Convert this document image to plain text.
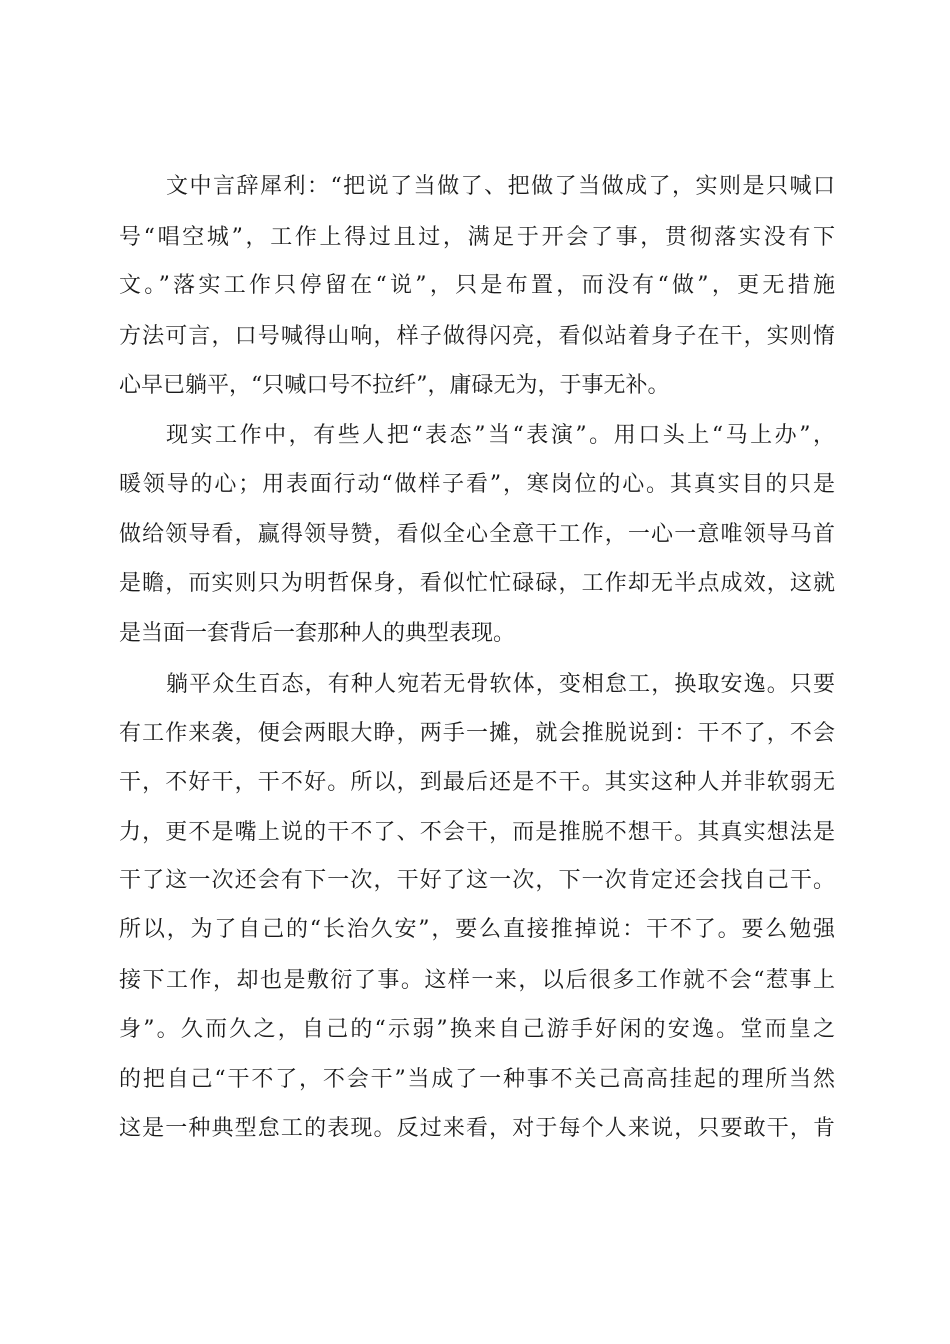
文中言辞犀利：“把说了当做了、把做了当做成了，实则是只喊口
号“唱空城”，工作上得过且过，满足于开会了事，贯彻落实没有下
文。”落实工作只停留在“说”，只是布置，而没有“做”，更无措施
方法可言，口号喊得山响，样子做得闪亮，看似站着身子在干，实则惰
心早已躺平，“只喊口号不拉纤”，庸碌无为，于事无补。
现实工作中，有些人把“表态”当“表演”。用口头上“马上办”，
暖领导的心；用表面行动“做样子看”，寒岗位的心。其真实目的只是
做给领导看，赢得领导赞，看似全心全意干工作，一心一意唯领导马首
是瞻，而实则只为明哲保身，看似忙忙碌碌，工作却无半点成效，这就
是当面一套背后一套那种人的典型表现。
躺平众生百态，有种人宛若无骨软体，变相怠工，换取安逸。只要
有工作来袭，便会两眼大睁，两手一摊，就会推脱说到：干不了，不会
干，不好干，干不好。所以，到最后还是不干。其实这种人并非软弱无
力，更不是嘴上说的干不了、不会干，而是推脱不想干。其真实想法是
干了这一次还会有下一次，干好了这一次，下一次肯定还会找自己干。
所以，为了自己的“长治久安”，要么直接推掉说：干不了。要么勉强
接下工作，却也是敷衍了事。这样一来，以后很多工作就不会“惹事上
身”。久而久之，自己的“示弱”换来自己游手好闲的安逸。堂而皇之
的把自己“干不了，不会干”当成了一种事不关己高高挂起的理所当然
这是一种典型怠工的表现。反过来看，对于每个人来说，只要敢干，肯
